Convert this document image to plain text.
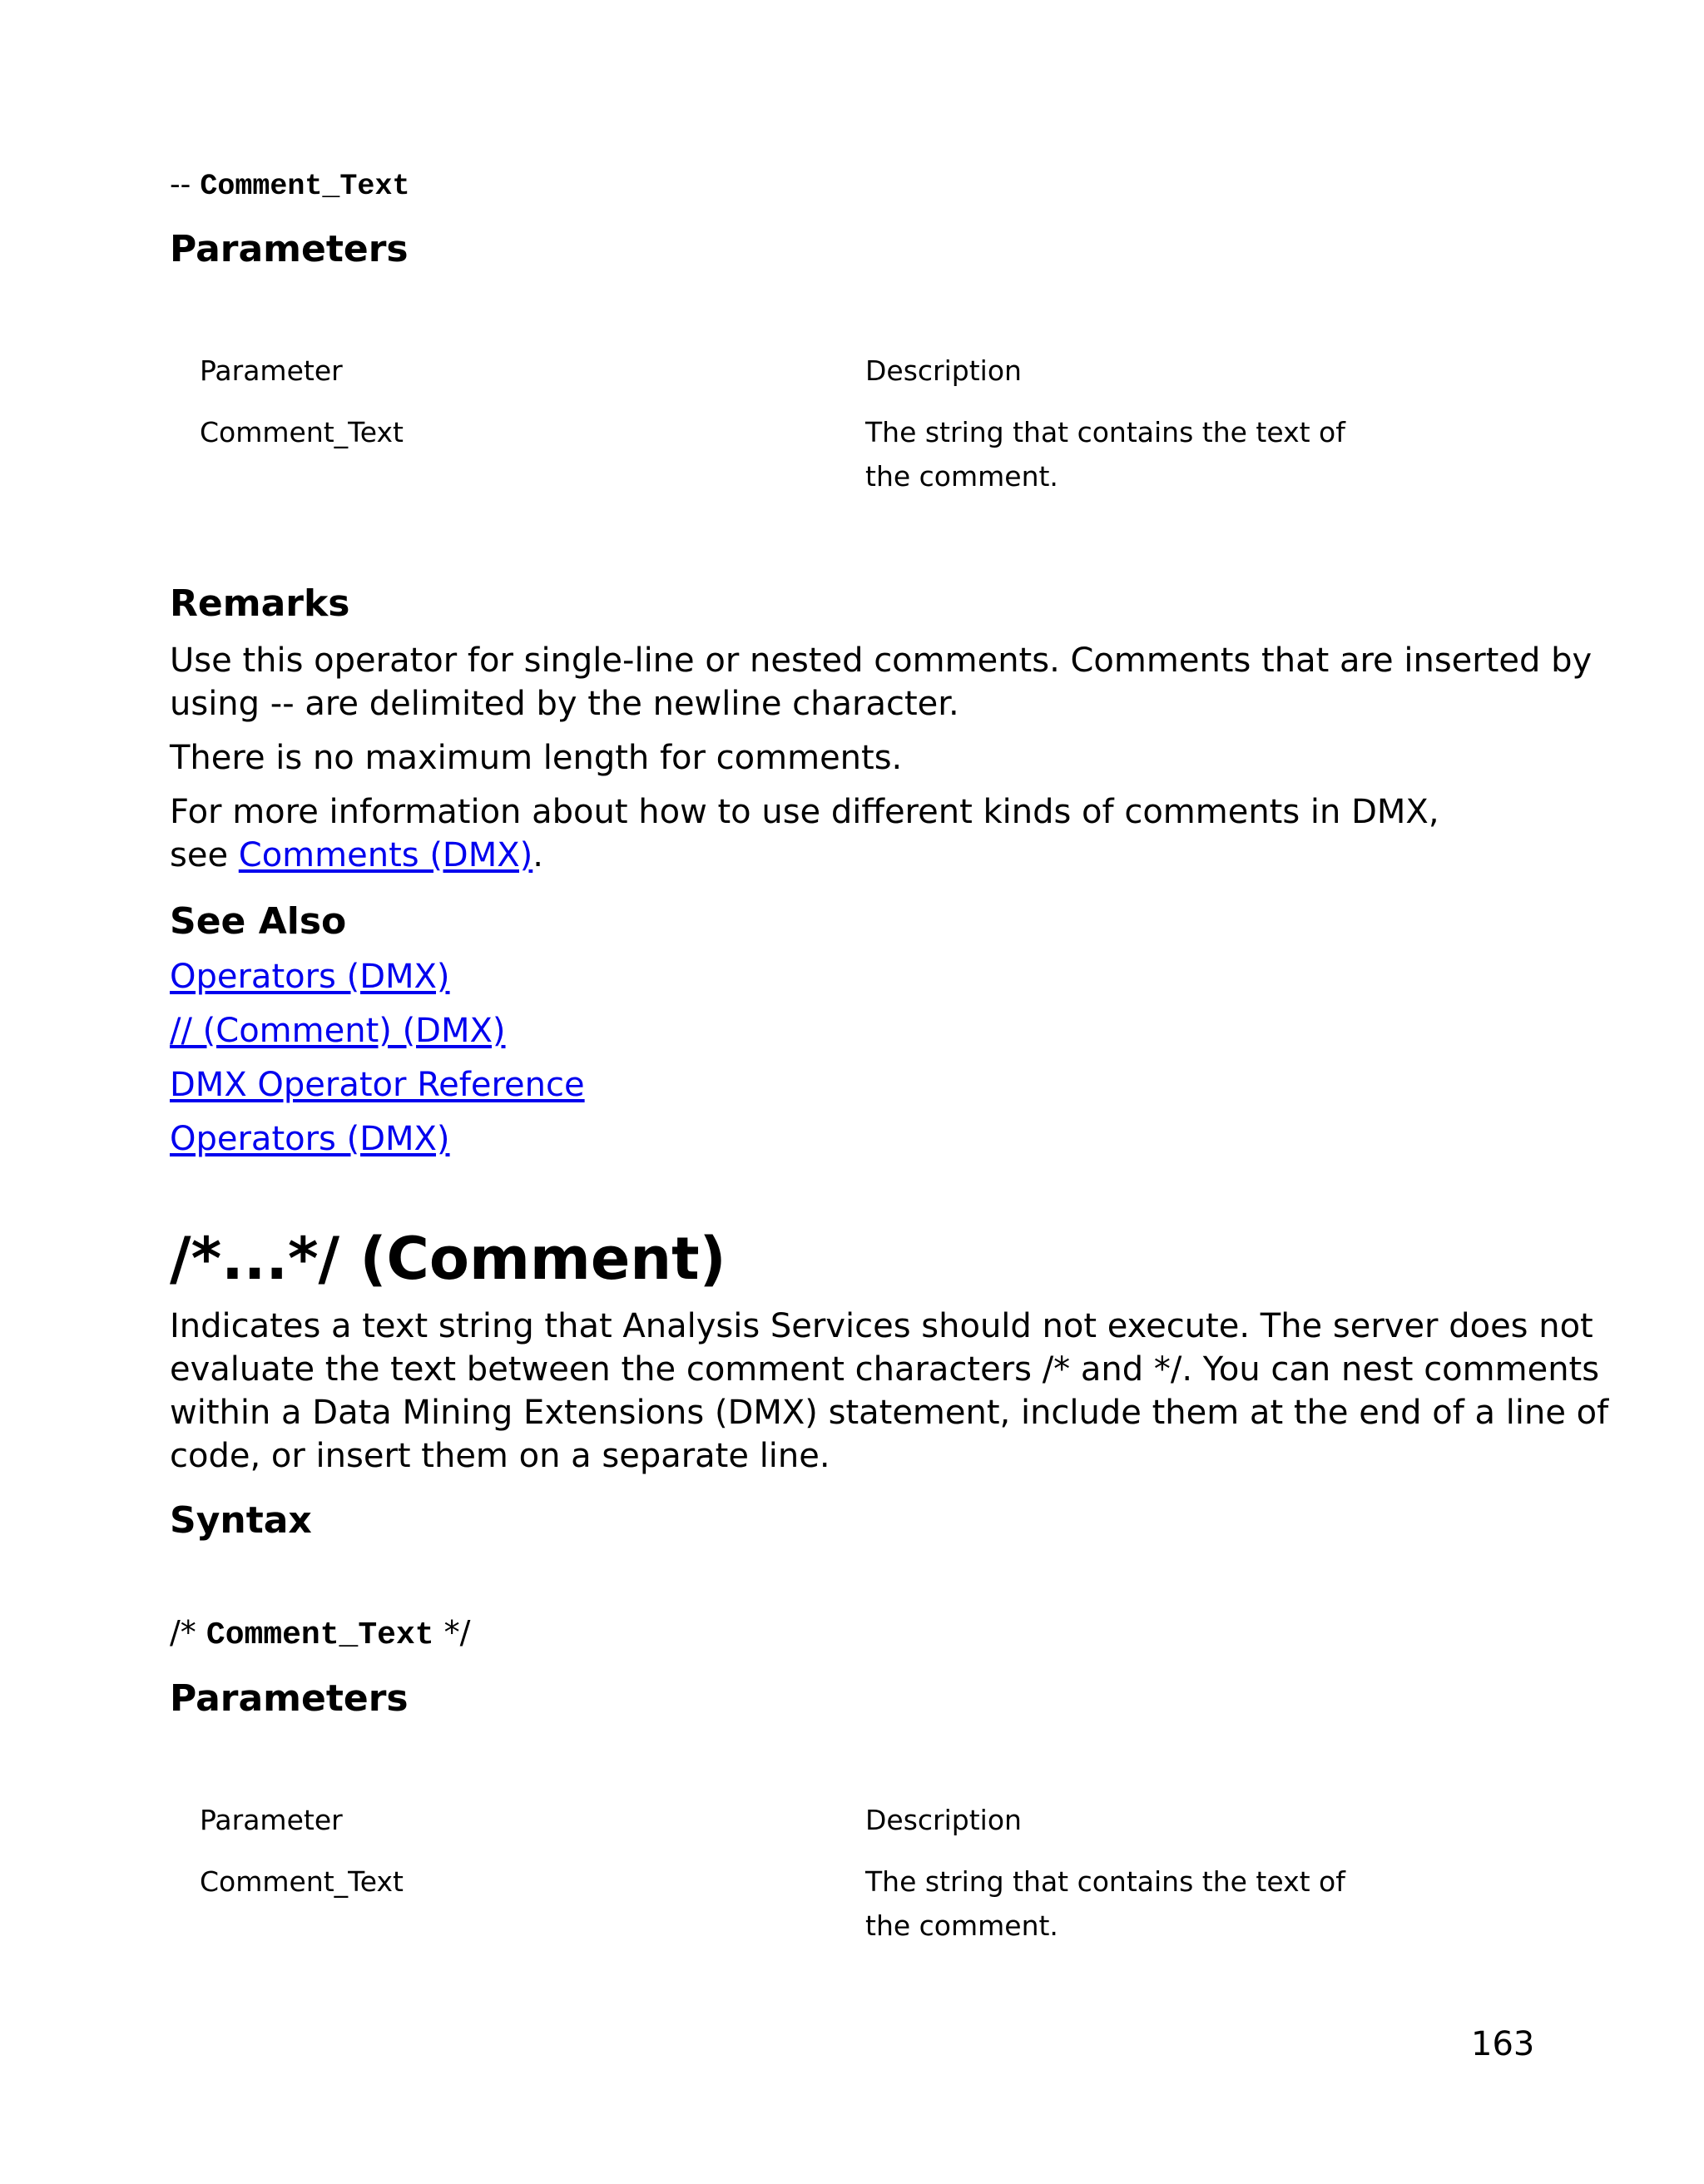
-- Comment_Text
Parameters
Parameter	Description
Comment_Text	The string that contains the text of
the comment.
Remarks
Use this operator for single-line or nested comments. Comments that are inserted by
using -- are delimited by the newline character.
There is no maximum length for comments.
For more information about how to use different kinds of comments in DMX,
see Comments (DMX).
See Also
Operators (DMX)
// (Comment) (DMX)
DMX Operator Reference
Operators (DMX)
/*...*/ (Comment)
Indicates a text string that Analysis Services should not execute. The server does not
evaluate the text between the comment characters /* and */. You can nest comments
within a Data Mining Extensions (DMX) statement, include them at the end of a line of
code, or insert them on a separate line.
Syntax
/* Comment_Text */
Parameters
Parameter	Description
Comment_Text	The string that contains the text of
the comment.
163
